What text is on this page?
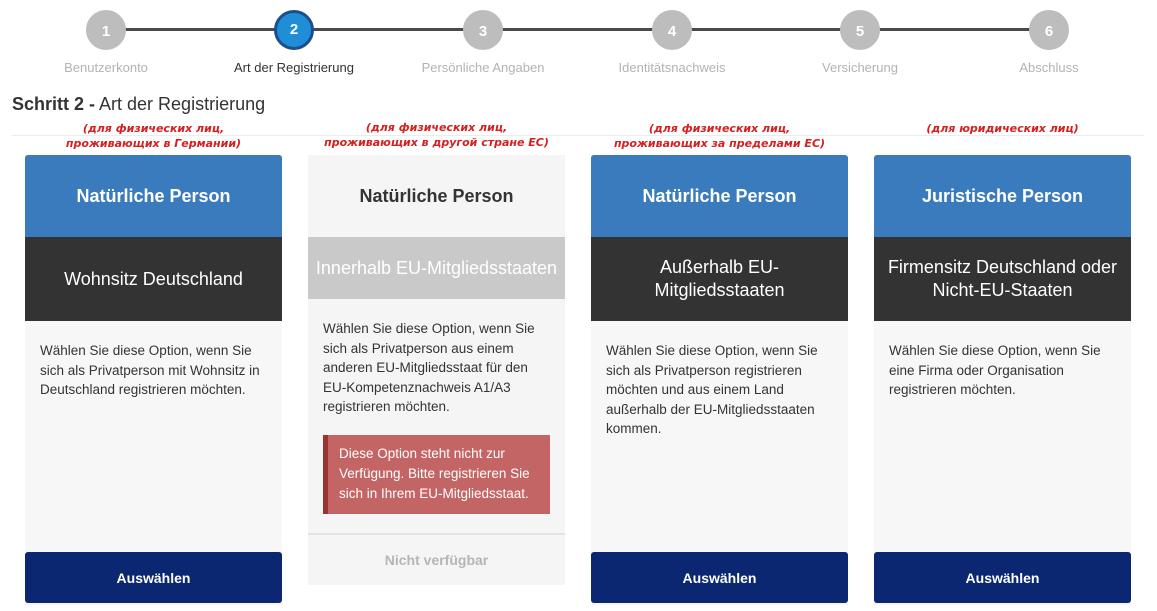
1
Benutzerkonto
2
Art der Registrierung
3
Persönliche Angaben
4
Identitätsnachweis
5
Versicherung
6
Abschluss
Schritt 2 - Art der Registrierung
(для физических лиц, проживающих в Германии)
(для физических лиц, проживающих в другой стране ЕС)
(для физических лиц, проживающих за пределами ЕС)
(для юридических лиц)
Natürliche Person
Wohnsitz Deutschland
Wählen Sie diese Option, wenn Sie sich als Privatperson mit Wohnsitz in Deutschland registrieren möchten.
Auswählen
Natürliche Person
Innerhalb EU-Mitgliedsstaaten
Wählen Sie diese Option, wenn Sie sich als Privatperson aus einem anderen EU-Mitgliedsstaat für den EU-Kompetenznachweis A1/A3 registrieren möchten.
Diese Option steht nicht zur Verfügung. Bitte registrieren Sie sich in Ihrem EU-Mitgliedsstaat.
Nicht verfügbar
Natürliche Person
Außerhalb EU-Mitgliedsstaaten
Wählen Sie diese Option, wenn Sie sich als Privatperson registrieren möchten und aus einem Land außerhalb der EU-Mitgliedsstaaten kommen.
Auswählen
Juristische Person
Firmensitz Deutschland oder Nicht-EU-Staaten
Wählen Sie diese Option, wenn Sie eine Firma oder Organisation registrieren möchten.
Auswählen
